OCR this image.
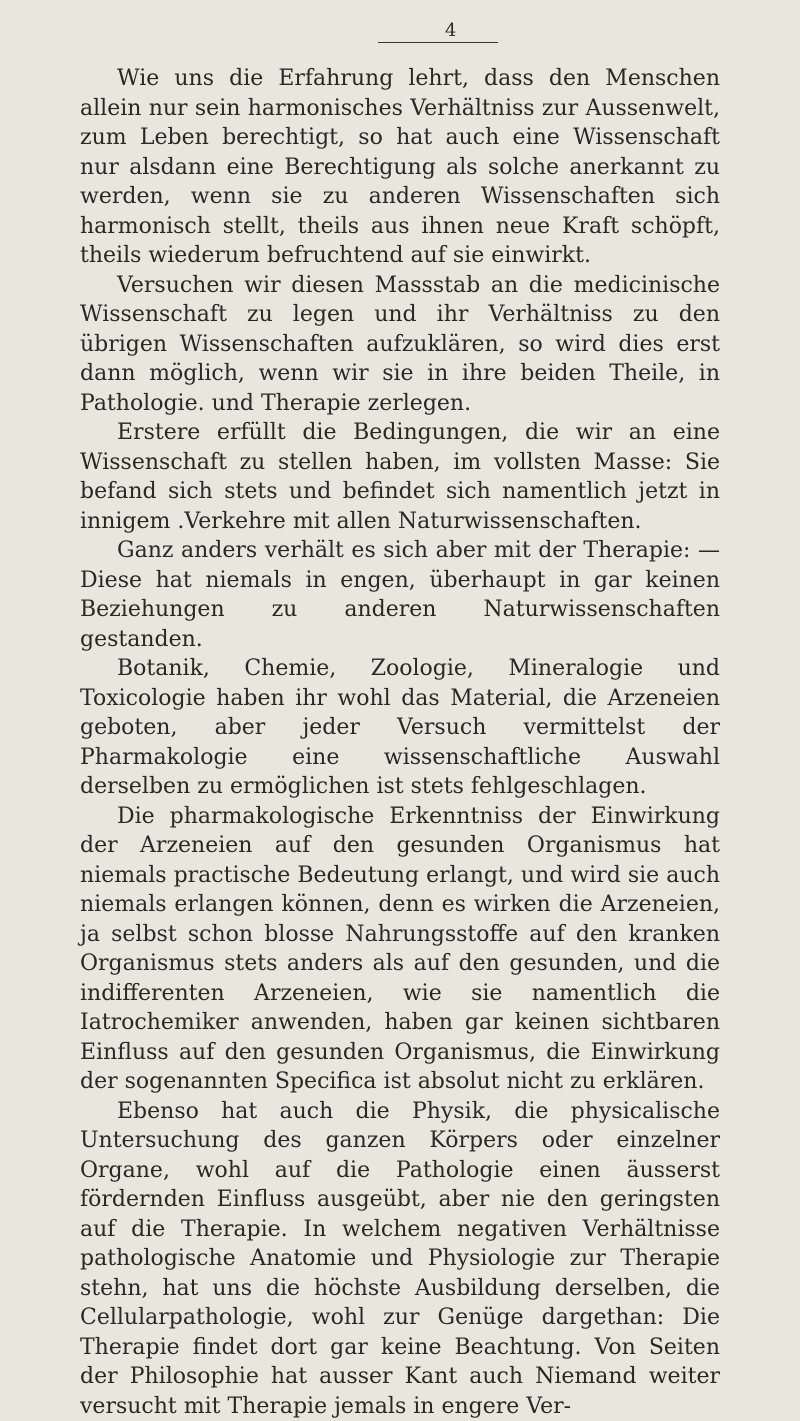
4

Wie uns die Erfahrung lehrt, dass den Menschen allein nur sein harmonisches Verhältniss zur Aussenwelt, zum Leben berechtigt, so hat auch eine Wissenschaft nur alsdann eine Berechtigung als solche anerkannt zu werden, wenn sie zu anderen Wissenschaften sich harmonisch stellt, theils aus ihnen neue Kraft schöpft, theils wiederum befruchtend auf sie einwirkt.

Versuchen wir diesen Massstab an die medicinische Wissenschaft zu legen und ihr Verhältniss zu den übrigen Wissenschaften aufzuklären, so wird dies erst dann möglich, wenn wir sie in ihre beiden Theile, in Pathologie. und Therapie zerlegen.

Erstere erfüllt die Bedingungen, die wir an eine Wissenschaft zu stellen haben, im vollsten Masse: Sie befand sich stets und befindet sich namentlich jetzt in innigem .Verkehre mit allen Naturwissenschaften.

Ganz anders verhält es sich aber mit der Therapie: — Diese hat niemals in engen, überhaupt in gar keinen Beziehungen zu anderen Naturwissenschaften gestanden.

Botanik, Chemie, Zoologie, Mineralogie und Toxicologie haben ihr wohl das Material, die Arzeneien geboten, aber jeder Versuch vermittelst der Pharmakologie eine wissenschaftliche Auswahl derselben zu ermöglichen ist stets fehlgeschlagen.

Die pharmakologische Erkenntniss der Einwirkung der Arzeneien auf den gesunden Organismus hat niemals practische Bedeutung erlangt, und wird sie auch niemals erlangen können, denn es wirken die Arzeneien, ja selbst schon blosse Nahrungsstoffe auf den kranken Organismus stets anders als auf den gesunden, und die indifferenten Arzeneien, wie sie namentlich die Iatrochemiker anwenden, haben gar keinen sichtbaren Einfluss auf den gesunden Organismus, die Einwirkung der sogenannten Specifica ist absolut nicht zu erklären.

Ebenso hat auch die Physik, die physicalische Untersuchung des ganzen Körpers oder einzelner Organe, wohl auf die Pathologie einen äusserst fördernden Einfluss ausgeübt, aber nie den geringsten auf die Therapie. In welchem negativen Verhältnisse pathologische Anatomie und Physiologie zur Therapie stehn, hat uns die höchste Ausbildung derselben, die Cellularpathologie, wohl zur Genüge dargethan: Die Therapie findet dort gar keine Beachtung. Von Seiten der Philosophie hat ausser Kant auch Niemand weiter versucht mit Therapie jemals in engere Ver-
